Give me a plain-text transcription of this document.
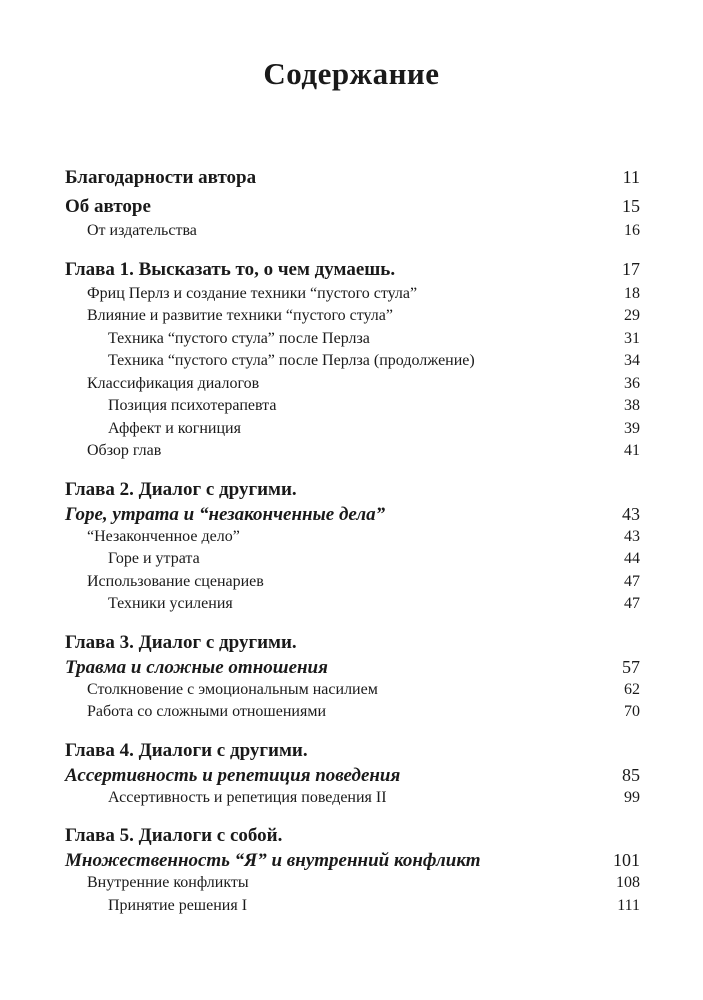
Содержание
Благодарности автора	11
Об авторе	15
От издательства	16
Глава 1. Высказать то, о чем думаешь.	17
Фриц Перлз и создание техники “пустого стула”	18
Влияние и развитие техники “пустого стула”	29
Техника “пустого стула” после Перлза	31
Техника “пустого стула” после Перлза (продолжение)	34
Классификация диалогов	36
Позиция психотерапевта	38
Аффект и когниция	39
Обзор глав	41
Глава 2. Диалог с другими.
Горе, утрата и “незаконченные дела”	43
“Незаконченное дело”	43
Горе и утрата	44
Использование сценариев	47
Техники усиления	47
Глава 3. Диалог с другими.
Травма и сложные отношения	57
Столкновение с эмоциональным насилием	62
Работа со сложными отношениями	70
Глава 4. Диалоги с другими.
Ассертивность и репетиция поведения	85
Ассертивность и репетиция поведения II	99
Глава 5. Диалоги с собой.
Множественность “Я” и внутренний конфликт	101
Внутренние конфликты	108
Принятие решения I	111
